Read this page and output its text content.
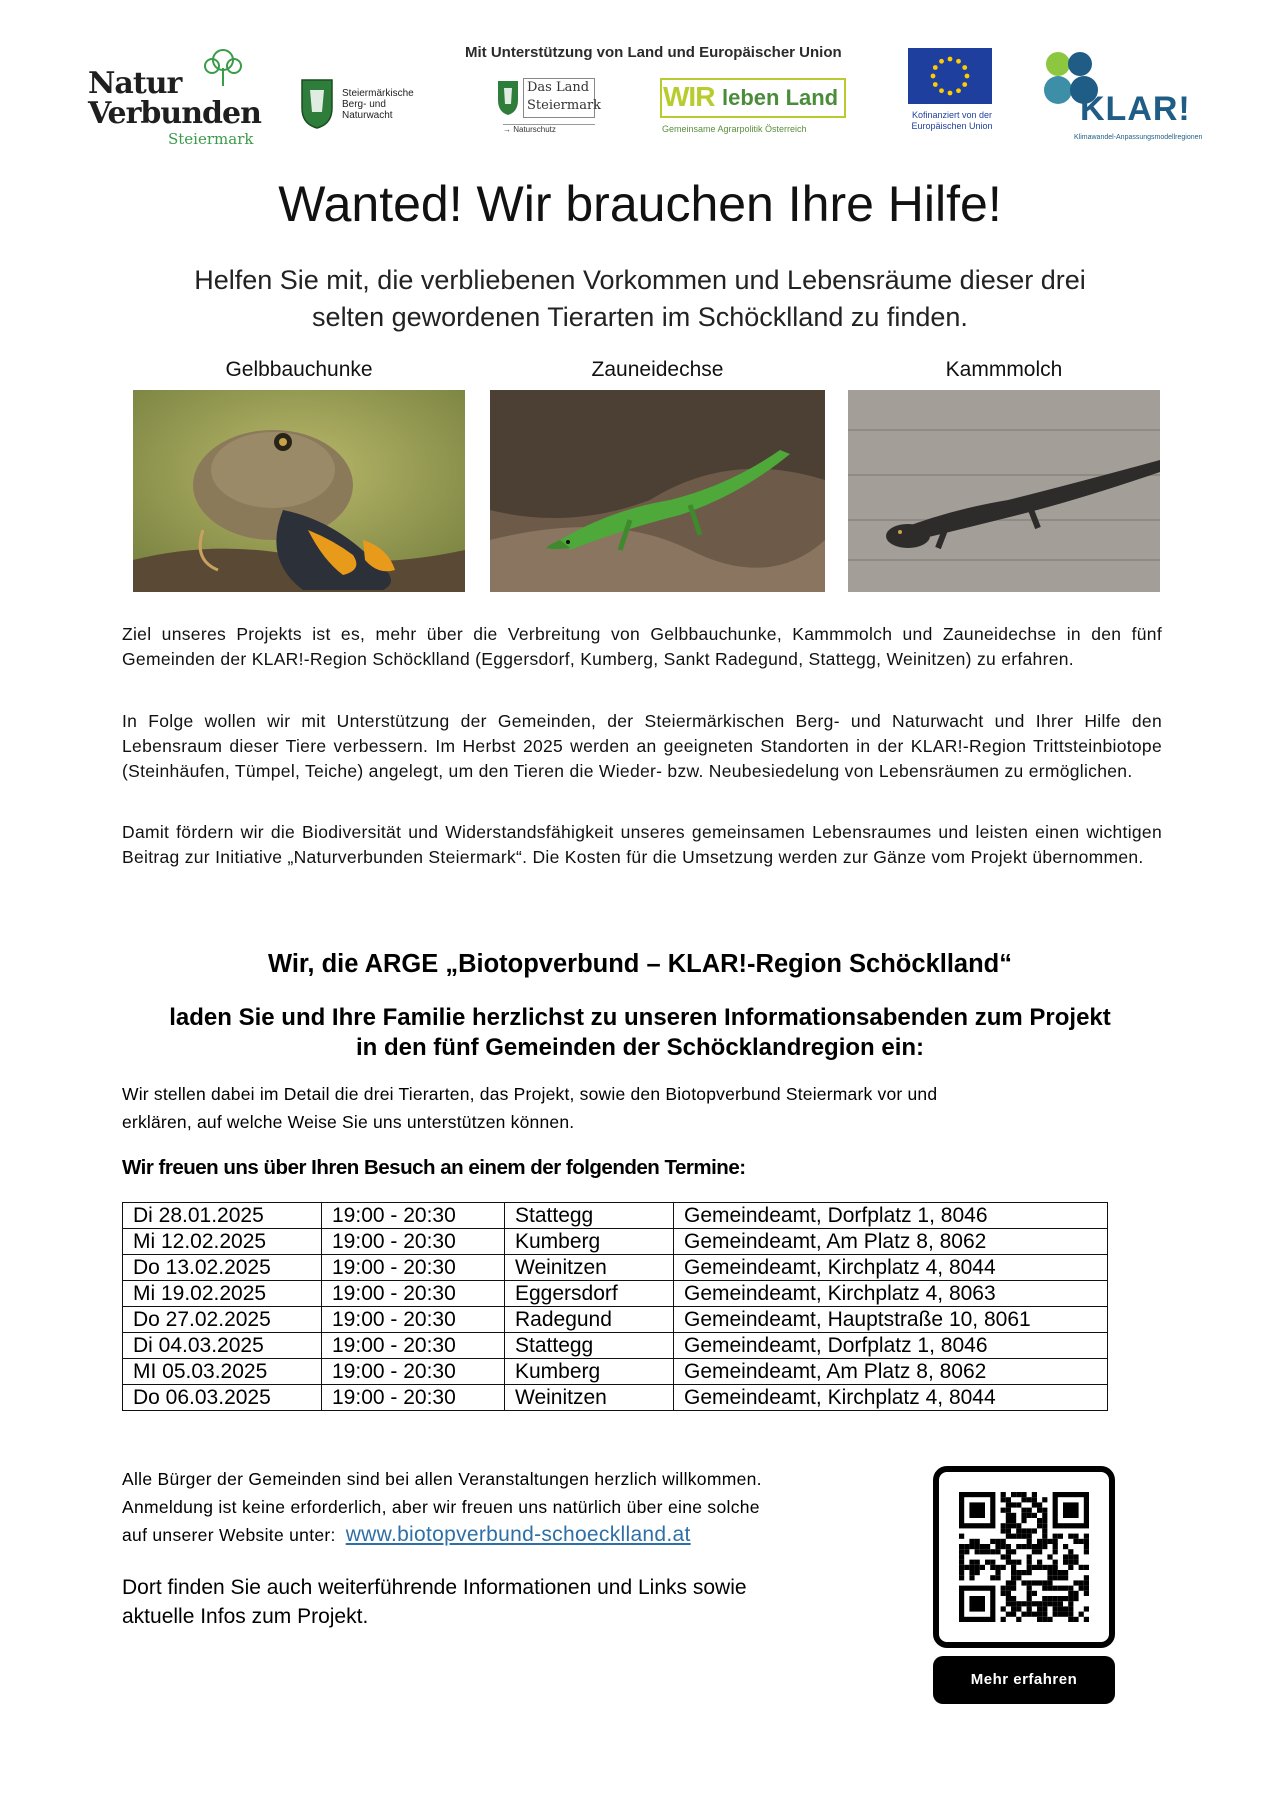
Mit Unterstützung von Land und Europäischer Union
Natur
Verbunden
Steiermark
Steiermärkische
Berg- und
Naturwacht
Das Land
Steiermark
→ Naturschutz
WIR leben Land
Gemeinsame Agrarpolitik Österreich
Kofinanziert von der
Europäischen Union	KLAR!
Klimawandel-Anpassungsmodellregionen
Wanted! Wir brauchen Ihre Hilfe!
Helfen Sie mit, die verbliebenen Vorkommen und Lebensräume dieser drei
selten gewordenen Tierarten im Schöcklland zu finden.
Gelbbauchunke	Zauneidechse	Kammmolch
Ziel unseres Projekts ist es, mehr über die Verbreitung von Gelbbauchunke, Kammmolch und Zauneidechse in den fünf Gemeinden der KLAR!-Region Schöcklland (Eggersdorf, Kumberg, Sankt Radegund, Stattegg, Weinitzen) zu erfahren.
In Folge wollen wir mit Unterstützung der Gemeinden, der Steiermärkischen Berg- und Naturwacht und Ihrer Hilfe den Lebensraum dieser Tiere verbessern. Im Herbst 2025 werden an geeigneten Standorten in der KLAR!-Region Trittsteinbiotope (Steinhäufen, Tümpel, Teiche) angelegt, um den Tieren die Wieder- bzw. Neubesiedelung von Lebensräumen zu ermöglichen.
Damit fördern wir die Biodiversität und Widerstandsfähigkeit unseres gemeinsamen Lebensraumes und leisten einen wichtigen Beitrag zur Initiative „Naturverbunden Steiermark“. Die Kosten für die Umsetzung werden zur Gänze vom Projekt übernommen.
Wir, die ARGE „Biotopverbund – KLAR!-Region Schöcklland“
laden Sie und Ihre Familie herzlichst zu unseren Informationsabenden zum Projekt
in den fünf Gemeinden der Schöcklandregion ein:
Wir stellen dabei im Detail die drei Tierarten, das Projekt, sowie den Biotopverbund Steiermark vor und
erklären, auf welche Weise Sie uns unterstützen können.
Wir freuen uns über Ihren Besuch an einem der folgenden Termine:
Di 28.01.2025	19:00 - 20:30	Stattegg	Gemeindeamt, Dorfplatz 1, 8046
Mi 12.02.2025	19:00 - 20:30	Kumberg	Gemeindeamt, Am Platz 8, 8062
Do 13.02.2025	19:00 - 20:30	Weinitzen	Gemeindeamt, Kirchplatz 4, 8044
Mi 19.02.2025	19:00 - 20:30	Eggersdorf	Gemeindeamt, Kirchplatz 4, 8063
Do 27.02.2025	19:00 - 20:30	Radegund	Gemeindeamt, Hauptstraße 10, 8061
Di 04.03.2025	19:00 - 20:30	Stattegg	Gemeindeamt, Dorfplatz 1, 8046
MI 05.03.2025	19:00 - 20:30	Kumberg	Gemeindeamt, Am Platz 8, 8062
Do 06.03.2025	19:00 - 20:30	Weinitzen	Gemeindeamt, Kirchplatz 4, 8044
Alle Bürger der Gemeinden sind bei allen Veranstaltungen herzlich willkommen.
Anmeldung ist keine erforderlich, aber wir freuen uns natürlich über eine solche
auf unserer Website unter: www.biotopverbund-schoecklland.at
Dort finden Sie auch weiterführende Informationen und Links sowie
aktuelle Infos zum Projekt.
Mehr erfahren
